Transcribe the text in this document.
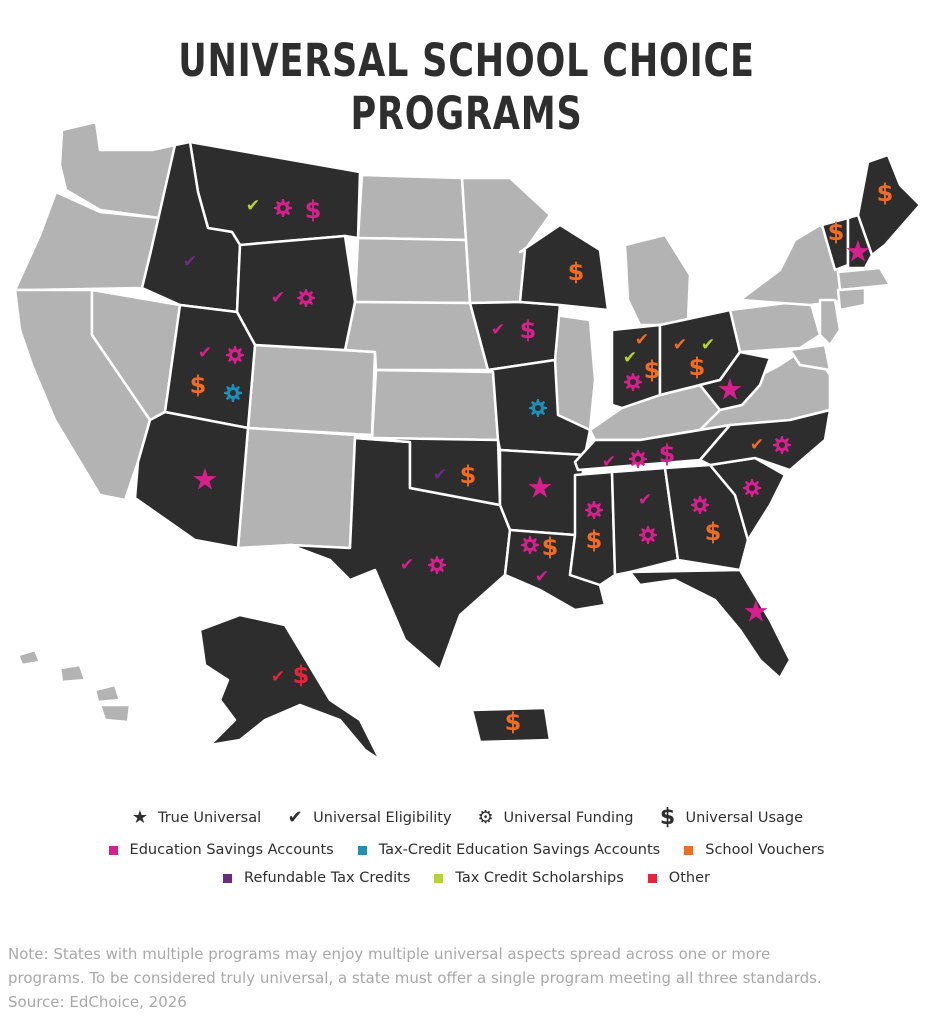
UNIVERSAL SCHOOL CHOICE PROGRAMS
✔ $
✔
✔
✔
$
★
✔
✔ $
✔ $
★
$
✔
$
✔
✔ $
✔ ✔
$
★
✔ $
$
✔
$
★
✔
$
★
$
✔ $
$
★ True Universal ✔ Universal Eligibility ⚙ Universal Funding $ Universal Usage
Education Savings Accounts	Tax-Credit Education Savings Accounts	School Vouchers
Refundable Tax Credits	Tax Credit Scholarships	Other
Note: States with multiple programs may enjoy multiple universal aspects spread across one or more
programs. To be considered truly universal, a state must offer a single program meeting all three standards.
Source: EdChoice, 2026
